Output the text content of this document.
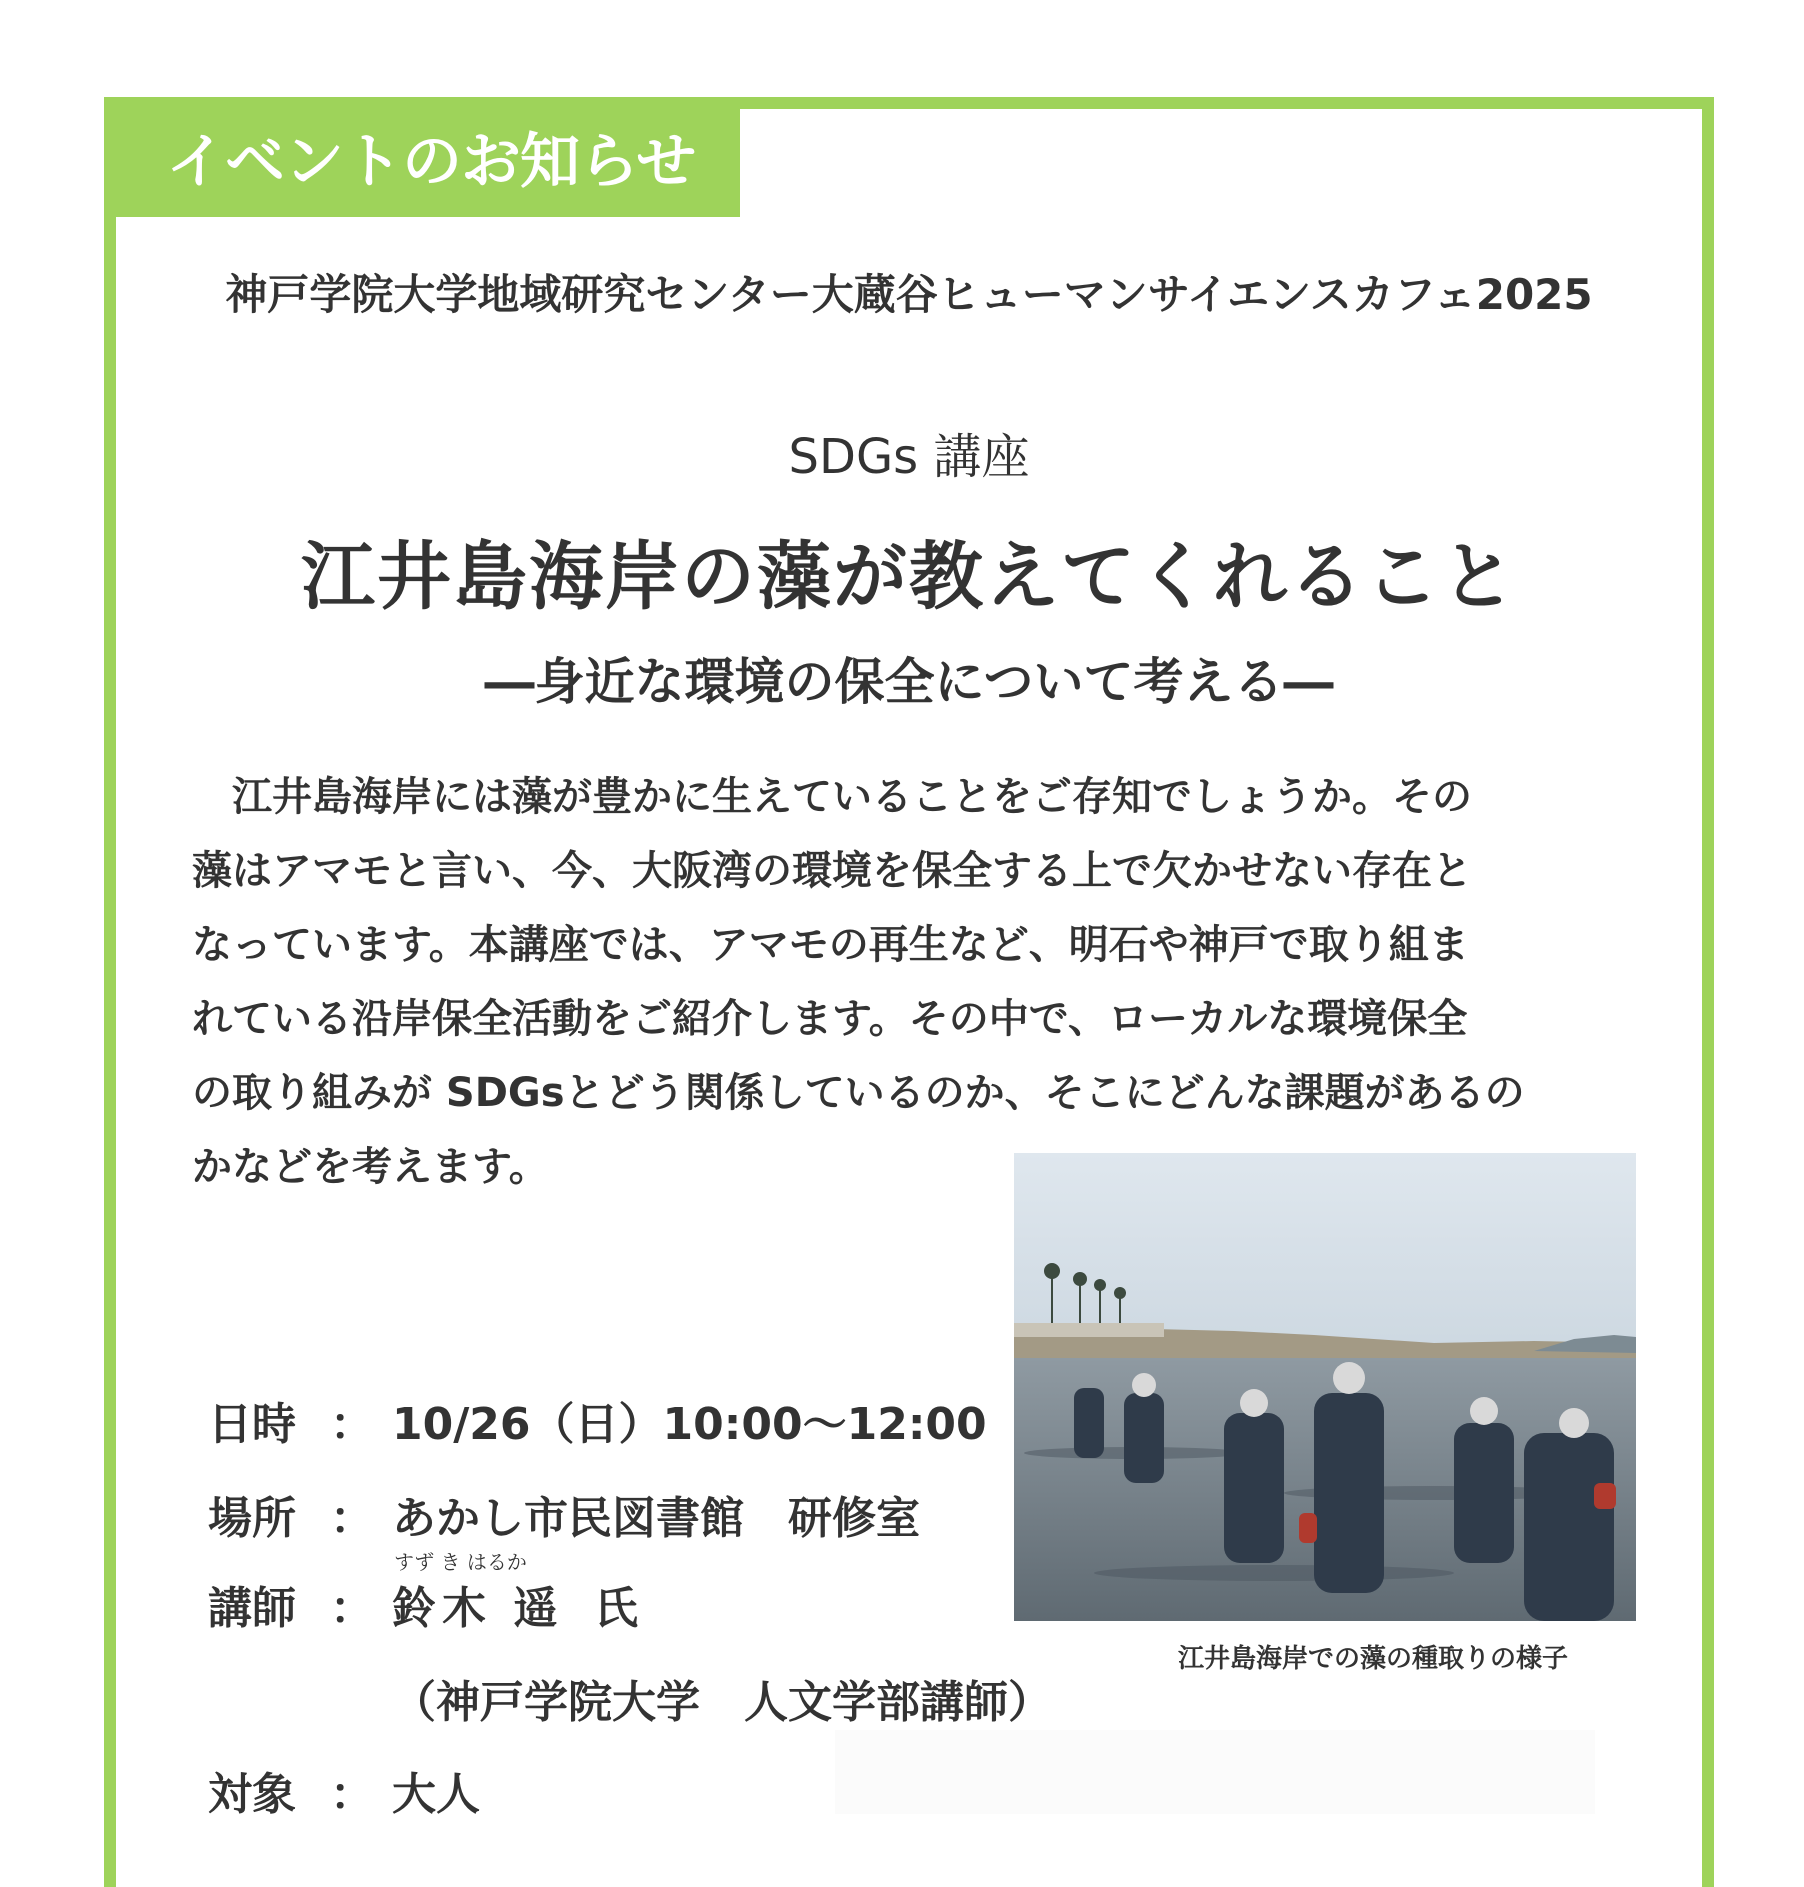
イベントのお知らせ
神戸学院大学地域研究センター大蔵谷ヒューマンサイエンスカフェ2025
SDGs 講座
江井島海岸の藻が教えてくれること
―身近な環境の保全について考える―
　江井島海岸には藻が豊かに生えていることをご存知でしょうか。その
藻はアマモと言い、今、大阪湾の環境を保全する上で欠かせない存在と
なっています。本講座では、アマモの再生など、明石や神戸で取り組ま
れている沿岸保全活動をご紹介します。その中で、ローカルな環境保全
の取り組みが SDGsとどう関係しているのか、そこにどんな課題があるの
かなどを考えます。
日時 ： 10/26（日）10:00～12:00
場所 ： あかし市民図書館　研修室
すず き はるか
講師 ： 鈴木 遥 氏
（神戸学院大学　人文学部講師）
対象 ： 大人
江井島海岸での藻の種取りの様子
